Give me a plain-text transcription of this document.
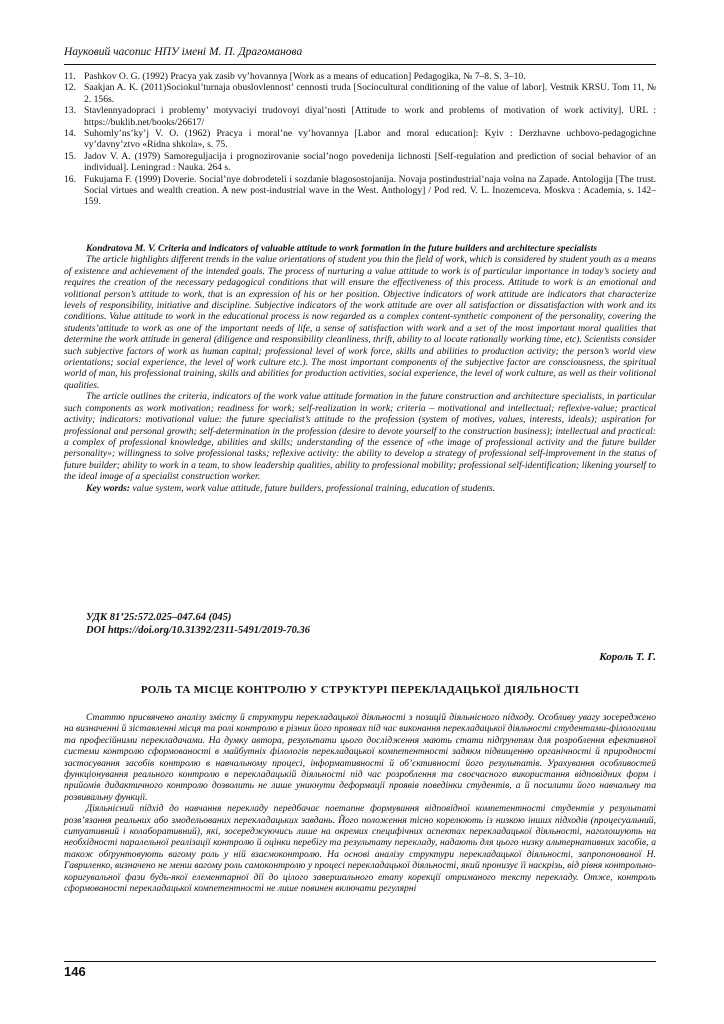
Науковий часопис НПУ імені М. П. Драгоманова
11. Pashkov O. G. (1992) Pracya yak zasib vy’hovannya [Work as a means of education] Pedagogika, № 7–8. S. 3–10.
12. Saakjan A. K. (2011)Sociokul’turnaja obuslovlennost’ cennosti truda [Sociocultural conditioning of the value of labor]. Vestnik KRSU. Tom 11, № 2. 156s.
13. Stavlennyadopraci i problemy’ motyvaciyi trudovoyi diyal’nosti [Attitude to work and problems of motivation of work activity]. URL : https://buklib.net/books/26617/
14. Suhomly’ns’ky’j V. O. (1962) Pracya i moral’ne vy’hovannya [Labor and moral education]: Kyiv : Derzhavne uchbovo-pedagogichne vy’davny’ztvo «Ridna shkola», s. 75.
15. Jadov V. A. (1979) Samoreguljacija i prognozirovanie social’nogo povedenija lichnosti [Self-regulation and prediction of social behavior of an individual]. Leningrad : Nauka. 264 s.
16. Fukujama F. (1999) Doverie. Social’nye dobrodeteli i sozdanie blagosostojanija. Novaja postindustrial’naja volna na Zapade. Antologija [The trust. Social virtues and wealth creation. A new post-industrial wave in the West. Anthology] / Pod red. V. L. Inozemceva. Moskva : Academia, s. 142–159.
Kondratova M. V. Criteria and indicators of valuable attitude to work formation in the future builders and architecture specialists

The article highlights different trends in the value orientations of student you thin the field of work, which is considered by student youth as a means of existence and achievement of the intended goals. The process of nurturing a value attitude to work is of particular importance in today’s society and requires the creation of the necessary pedagogical conditions that will ensure the effectiveness of this process. Attitude to work is an emotional and volitional person’s attitude to work, that is an expression of his or her position. Objective indicators of work attitude are indicators that characterize levels of responsibility, initiative and discipline. Subjective indicators of the work attitude are over all satisfaction or dissatisfaction with work and its conditions. Value attitude to work in the educational process is now regarded as a complex content-synthetic component of the personality, covering the students’attitude to work as one of the important needs of life, a sense of satisfaction with work and a set of the most important moral qualities that determine the work attitude in general (diligence and responsibility cleanliness, thrift, ability to al locate rationally working time, etc). Scientists consider such subjective factors of work as human capital; professional level of work force, skills and abilities to production activity; the person’s world view orientations; social experience, the level of work culture etc.). The most important components of the subjective factor are consciousness, the spiritual world of man, his professional training, skills and abilities for production activities, social experience, the level of work culture, as well as their volitional qualities.

The article outlines the criteria, indicators of the work value attitude formation in the future construction and architecture specialists, in particular such components as work motivation; readiness for work; self-realization in work; criteria – motivational and intellectual; reflexive-value; practical activity; indicators: motivational value: the future specialist’s attitude to the profession (system of motives, values, interests, ideals); aspiration for professional and personal growth; self-determination in the profession (desire to devote yourself to the construction business); intellectual and practical: a complex of professional knowledge, abilities and skills; understanding of the essence of «the image of professional activity and the future builder personality»; willingness to solve professional tasks; reflexive activity: the ability to develop a strategy of professional self-improvement in the status of future builder; ability to work in a team, to show leadership qualities, ability to professional mobility; professional self-identification; likening yourself to the ideal image of a specialist construction worker.

Key words: value system, work value attitude, future builders, professional training, education of students.

УДК 81’25:572.025–047.64 (045)
DOI https://doi.org/10.31392/2311-5491/2019-70.36
Король Т. Г.
РОЛЬ ТА МІСЦЕ КОНТРОЛЮ У СТРУКТУРІ ПЕРЕКЛАДАЦЬКОЇ ДІЯЛЬНОСТІ

Статтю присвячено аналізу змісту й структури перекладацької діяльності з позицій діяльнісного підходу. Особливу увагу зосереджено на визначенні й зіставленні місця та ролі контролю в різних його проявах під час виконання перекладацької діяльності студентами-філологами та професійними перекладачами. На думку автора, результати цього дослідження мають стати підґрунтям для розроблення ефективної системи контролю сформованості в майбутніх філологів перекладацької компетентності задякм підвищенню органічності й природності застосування засобів контролю в навчальному процесі, інформативності й об’єктивності його результатів. Урахування особливостей функціонування реального контролю в перекладацькій діяльності під час розроблення та своєчасного використання відповідних форм і прийомів дидактичного контролю дозволить не лише уникнути деформації проявів поведінки студентів, а й посилити його навчальну та розвивальну функції.

Діяльнісний підхід до навчання перекладу передбачає поетапне формування відповідної компетентності студентів у результаті розв’язання реальних або змодельованих перекладацьких завдань. Його положення тісно корелюють із низкою інших підходів (процесуальний, ситуативний і колаборативний), які, зосереджуючись лише на окремих специфічних аспектах перекладацької діяльності, наголошують на необхідності паралельної реалізації контролю й оцінки перебігу та результату перекладу, надають для цього низку альтернативних засобів, а також обґрунтовують вагому роль у ній взаємоконтролю. На основі аналізу структури перекладацької діяльності, запропонованої Н. Гавриленко, визначено не менш вагому роль самоконтролю у процесі перекладацької діяльності, який пронизує її наскрізь, від рівня контрольно-коригувальної фази будь-якої елементарної дії до цілого завершального етапу корекції отриманого тексту перекладу. Отже, контроль сформованості перекладацької компетентності не лише повинен включати регулярні

146
